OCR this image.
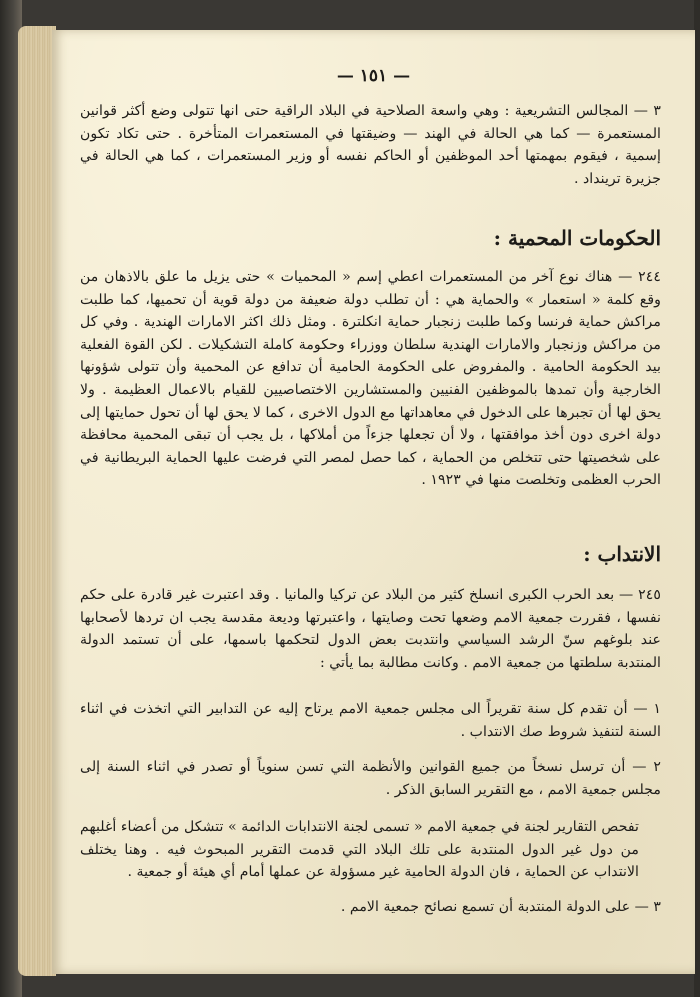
— ١٥١ —

٣ — المجالس التشريعية : وهي واسعة الصلاحية في البلاد الراقية حتى انها تتولى وضع أكثر قوانين المستعمرة — كما هي الحالة في الهند — وضيقتها في المستعمرات المتأخرة . حتى تكاد تكون إسمية ، فيقوم بمهمتها أحد الموظفين أو الحاكم نفسه أو وزير المستعمرات ، كما هي الحالة في جزيرة ترينداد .

الحكومات المحمية :

٢٤٤ — هناك نوع آخر من المستعمرات اعطي إسم « المحميات » حتى يزيل ما علق بالاذهان من وقع كلمة « استعمار » والحماية هي : أن تطلب دولة ضعيفة من دولة قوية أن تحميها، كما طلبت مراكش حماية فرنسا وكما طلبت زنجبار حماية انكلترة . ومثل ذلك اكثر الامارات الهندية . وفي كل من مراكش وزنجبار والامارات الهندية سلطان ووزراء وحكومة كاملة التشكيلات . لكن القوة الفعلية بيد الحكومة الحامية . والمفروض على الحكومة الحامية أن تدافع عن المحمية وأن تتولى شؤونها الخارجية وأن تمدها بالموظفين الفنيين والمستشارين الاختصاصيين للقيام بالاعمال العظيمة . ولا يحق لها أن تجبرها على الدخول في معاهداتها مع الدول الاخرى ، كما لا يحق لها أن تحول حمايتها إلى دولة اخرى دون أخذ موافقتها ، ولا أن تجعلها جزءاً من أملاكها ، بل يجب أن تبقى المحمية محافظة على شخصيتها حتى تتخلص من الحماية ، كما حصل لمصر التي فرضت عليها الحماية البريطانية في الحرب العظمى وتخلصت منها في ١٩٢٣ .

الانتداب :

٢٤٥ — بعد الحرب الكبرى انسلخ كثير من البلاد عن تركيا والمانيا . وقد اعتبرت غير قادرة على حكم نفسها ، فقررت جمعية الامم وضعها تحت وصايتها ، واعتبرتها وديعة مقدسة يجب ان تردها لأصحابها عند بلوغهم سنّ الرشد السياسي وانتدبت بعض الدول لتحكمها باسمها، على أن تستمد الدولة المنتدبة سلطتها من جمعية الامم . وكانت مطالبة بما يأتي :

١ — أن تقدم كل سنة تقريراً الى مجلس جمعية الامم يرتاح إليه عن التدابير التي اتخذت في اثناء السنة لتنفيذ شروط صك الانتداب .

٢ — أن ترسل نسخاً من جميع القوانين والأنظمة التي تسن سنوياً أو تصدر في اثناء السنة إلى مجلس جمعية الامم ، مع التقرير السابق الذكر .

تفحص التقارير لجنة في جمعية الامم « تسمى لجنة الانتدابات الدائمة » تتشكل من أعضاء أغلبهم من دول غير الدول المنتدبة على تلك البلاد التي قدمت التقرير المبحوث فيه . وهنا يختلف الانتداب عن الحماية ، فان الدولة الحامية غير مسؤولة عن عملها أمام أي هيئة أو جمعية .

٣ — على الدولة المنتدبة أن تسمع نصائح جمعية الامم .
